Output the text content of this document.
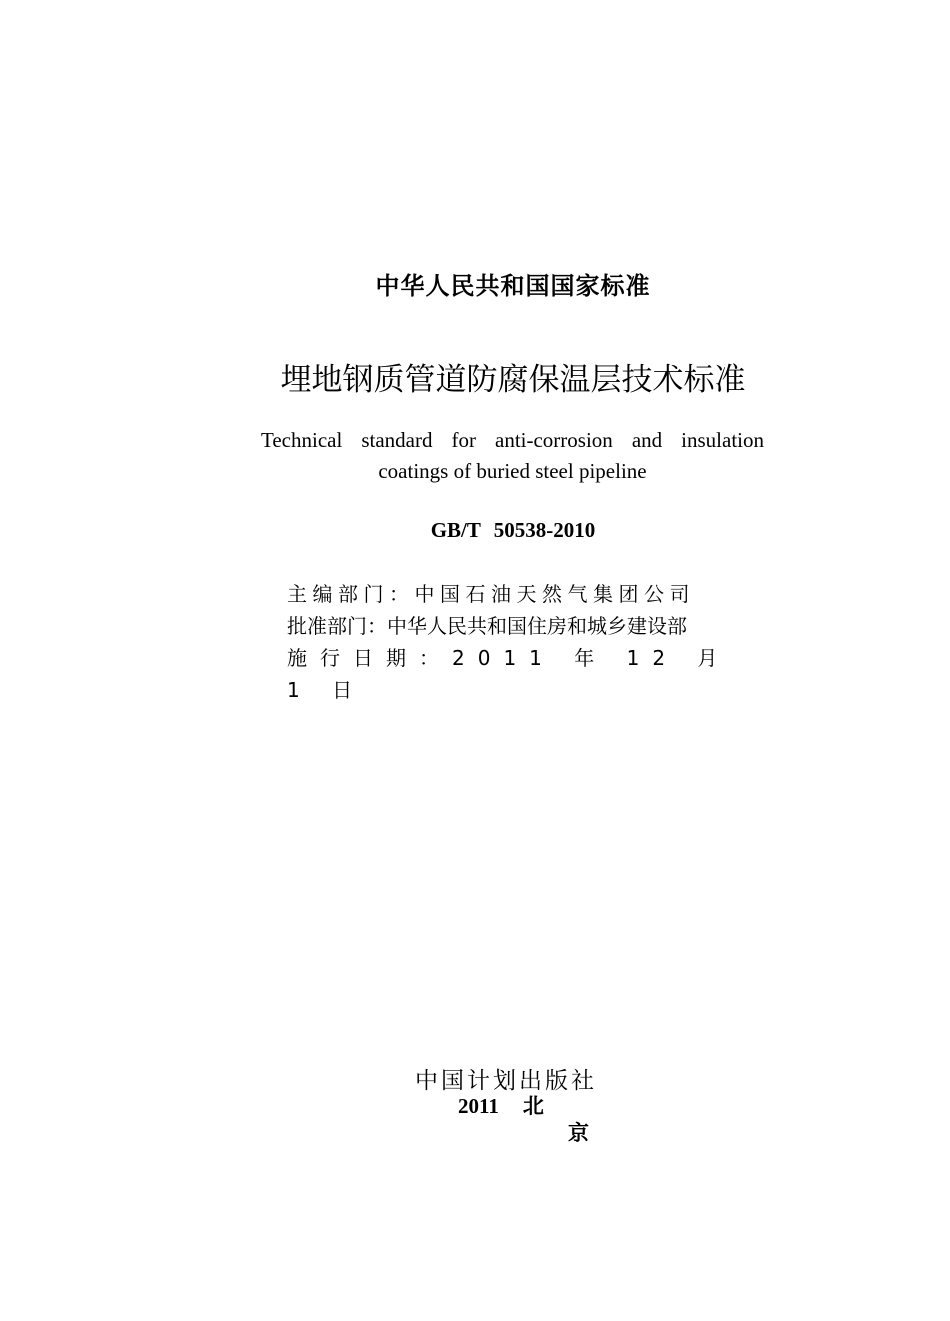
中华人民共和国国家标准
埋地钢质管道防腐保温层技术标准
Technical standard for anti-corrosion and insulation coatings of buried steel pipeline
GB/T 50538-2010
主编部门：中国石油天然气集团公司
批准部门：中华人民共和国住房和城乡建设部
施行日期：2011 年 12 月 1 日
中国计划出版社
2011 北
京
